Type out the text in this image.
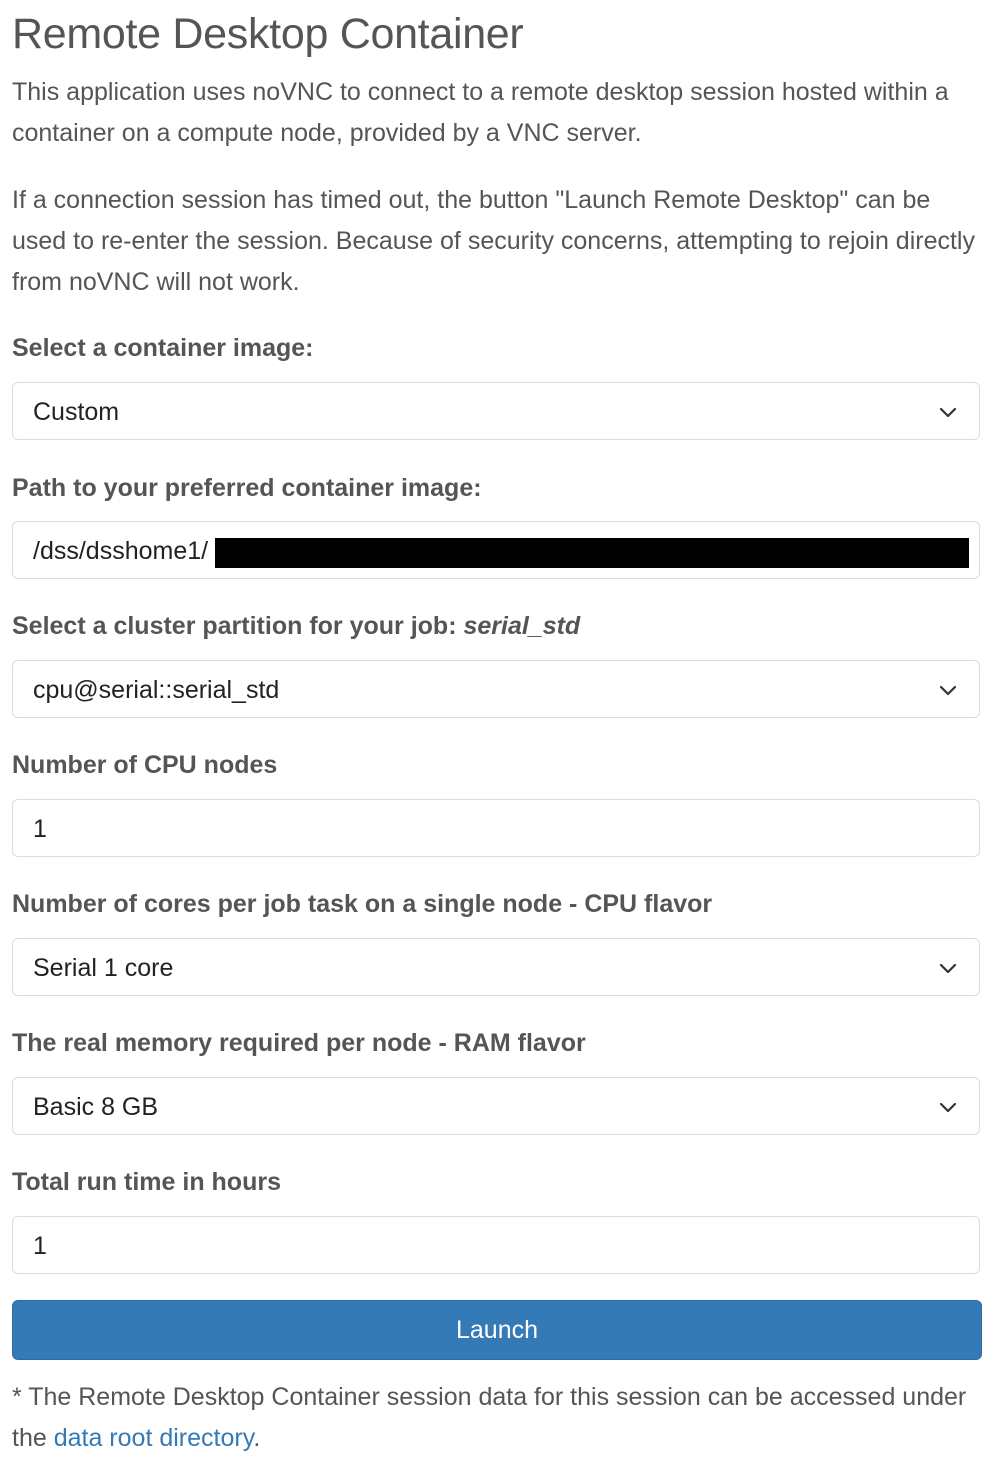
Remote Desktop Container

This application uses noVNC to connect to a remote desktop session hosted within a container on a compute node, provided by a VNC server.

If a connection session has timed out, the button "Launch Remote Desktop" can be used to re-enter the session. Because of security concerns, attempting to rejoin directly from noVNC will not work.

Select a container image:
Custom
Path to your preferred container image:
/dss/dsshome1/
Select a cluster partition for your job: serial_std
cpu@serial::serial_std
Number of CPU nodes
1
Number of cores per job task on a single node - CPU flavor
Serial 1 core
The real memory required per node - RAM flavor
Basic 8 GB
Total run time in hours
1
Launch

* The Remote Desktop Container session data for this session can be accessed under the data root directory.
